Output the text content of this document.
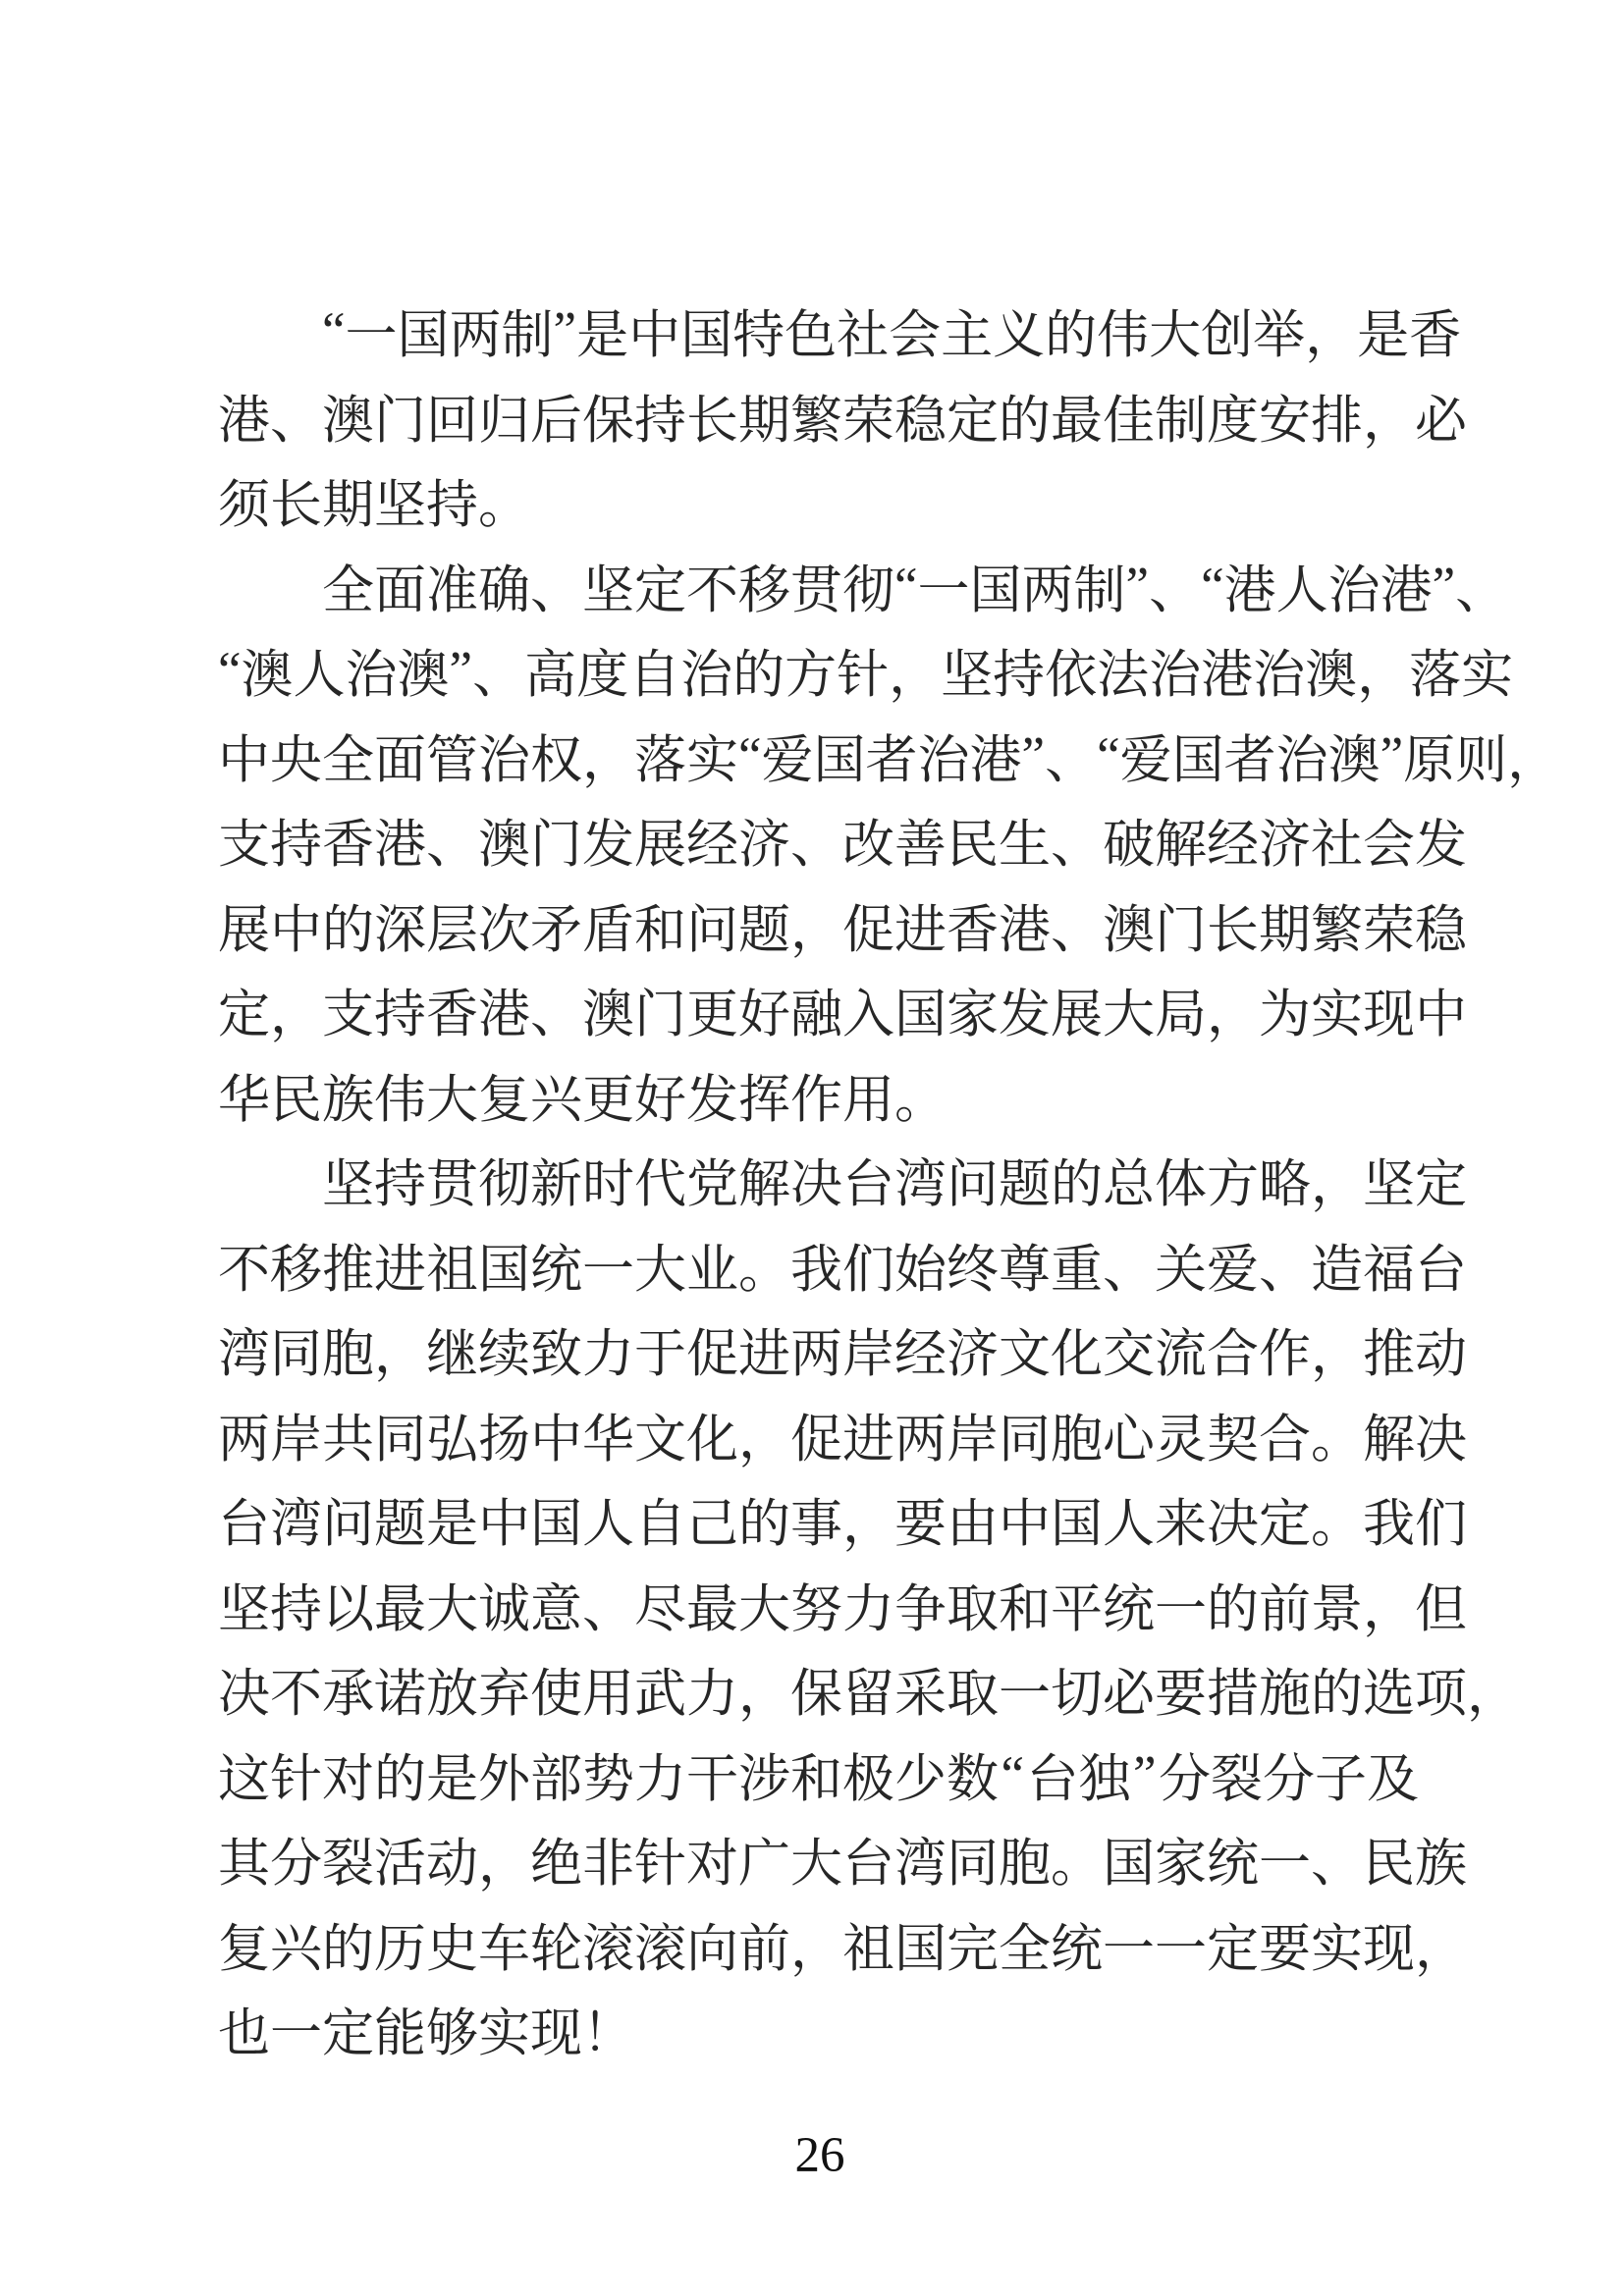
“ 一 国 两 制 ” 是 中 国 特 色 社 会 主 义 的 伟 大 创 举 ， 是 香
港 、 澳 门 回 归 后 保 持 长 期 繁 荣 稳 定 的 最 佳 制 度 安 排 ， 必
须长期坚持。
全 面 准 确 、 坚 定 不 移 贯 彻 “ 一 国 两 制 ” 、 “ 港 人 治 港 ” 、
“ 澳 人 治 澳 ” 、 高 度 自 治 的 方 针 ， 坚 持 依 法 治 港 治 澳 ， 落 实
中 央 全 面 管 治 权 ， 落 实 “ 爱 国 者 治 港 ” 、 “ 爱 国 者 治 澳 ” 原 则 ，
支 持 香 港 、 澳 门 发 展 经 济 、 改 善 民 生 、 破 解 经 济 社 会 发
展 中 的 深 层 次 矛 盾 和 问 题 ， 促 进 香 港 、 澳 门 长 期 繁 荣 稳
定 ， 支 持 香 港 、 澳 门 更 好 融 入 国 家 发 展 大 局 ， 为 实 现 中
华民族伟大复兴更好发挥作用。
坚 持 贯 彻 新 时 代 党 解 决 台 湾 问 题 的 总 体 方 略 ， 坚 定
不 移 推 进 祖 国 统 一 大 业 。 我 们 始 终 尊 重 、 关 爱 、 造 福 台
湾 同 胞 ， 继 续 致 力 于 促 进 两 岸 经 济 文 化 交 流 合 作 ， 推 动
两 岸 共 同 弘 扬 中 华 文 化 ， 促 进 两 岸 同 胞 心 灵 契 合 。 解 决
台 湾 问 题 是 中 国 人 自 己 的 事 ， 要 由 中 国 人 来 决 定 。 我 们
坚 持 以 最 大 诚 意 、 尽 最 大 努 力 争 取 和 平 统 一 的 前 景 ， 但
决 不 承 诺 放 弃 使 用 武 力 ， 保 留 采 取 一 切 必 要 措 施 的 选 项 ，
这 针 对 的 是 外 部 势 力 干 涉 和 极 少 数 “ 台 独 ” 分 裂 分 子 及
其 分 裂 活 动 ， 绝 非 针 对 广 大 台 湾 同 胞 。 国 家 统 一 、 民 族
复 兴 的 历 史 车 轮 滚 滚 向 前 ， 祖 国 完 全 统 一 一 定 要 实 现 ，
也一定能够实现！
26
